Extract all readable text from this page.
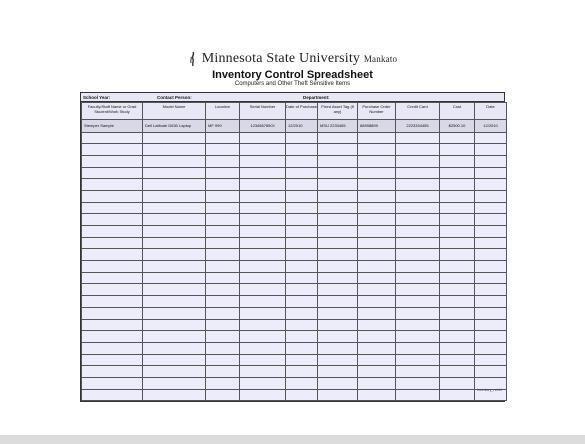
Minnesota State University Mankato
Inventory Control Spreadsheet
Computers and Other Theft Sensitive Items
School Year:	Contact Person:	Department:
Faculty/Staff Name or Grad Student/Work Study	Model Name	Location	Serial Number	Date of Purchase	Fixed Asset Tag (if any)	Purchase Order Number	Credit Card	Cost	Date
Stemper Sample	Dell Latitude D630 Laptop	MF 999	123456789OI	12/2010	MSU 2233465	88998899	2223334455	$2500.10	12/2010

Inventory_rv/ctrl
